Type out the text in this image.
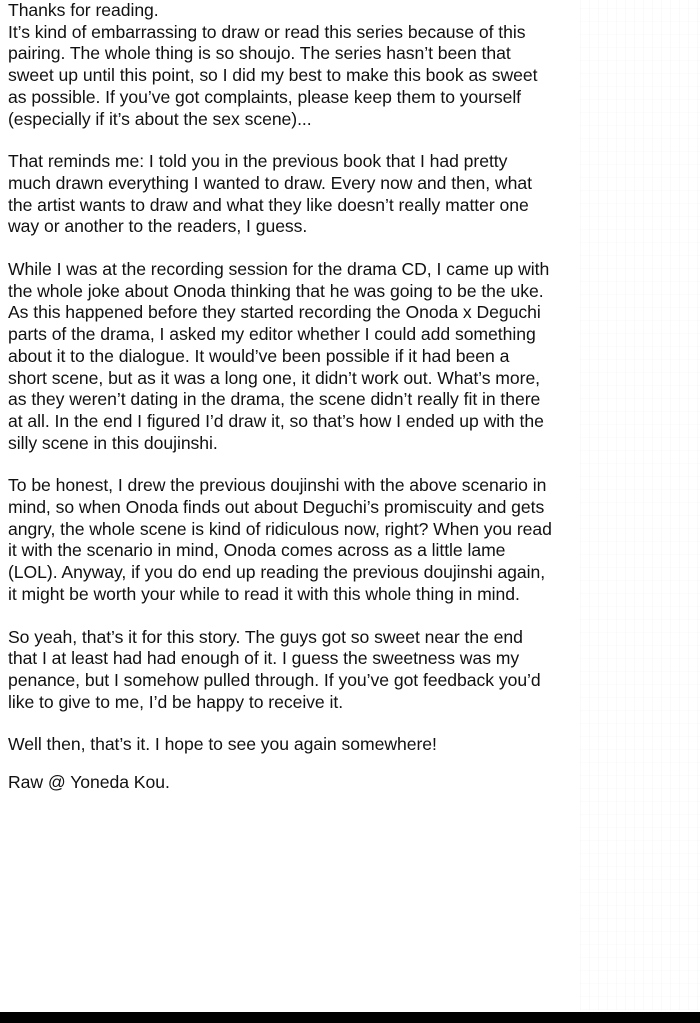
Thanks for reading.
It’s kind of embarrassing to draw or read this series because of this
pairing. The whole thing is so shoujo. The series hasn’t been that
sweet up until this point, so I did my best to make this book as sweet
as possible. If you’ve got complaints, please keep them to yourself
(especially if it’s about the sex scene)...

That reminds me: I told you in the previous book that I had pretty
much drawn everything I wanted to draw. Every now and then, what
the artist wants to draw and what they like doesn’t really matter one
way or another to the readers, I guess.

While I was at the recording session for the drama CD, I came up with
the whole joke about Onoda thinking that he was going to be the uke.
As this happened before they started recording the Onoda x Deguchi
parts of the drama, I asked my editor whether I could add something
about it to the dialogue. It would’ve been possible if it had been a
short scene, but as it was a long one, it didn’t work out. What’s more,
as they weren’t dating in the drama, the scene didn’t really fit in there
at all. In the end I figured I’d draw it, so that’s how I ended up with the
silly scene in this doujinshi.

To be honest, I drew the previous doujinshi with the above scenario in
mind, so when Onoda finds out about Deguchi’s promiscuity and gets
angry, the whole scene is kind of ridiculous now, right? When you read
it with the scenario in mind, Onoda comes across as a little lame
(LOL). Anyway, if you do end up reading the previous doujinshi again,
it might be worth your while to read it with this whole thing in mind.

So yeah, that’s it for this story. The guys got so sweet near the end
that I at least had had enough of it. I guess the sweetness was my
penance, but I somehow pulled through. If you’ve got feedback you’d
like to give to me, I’d be happy to receive it.

Well then, that’s it. I hope to see you again somewhere!

Raw @ Yoneda Kou.
